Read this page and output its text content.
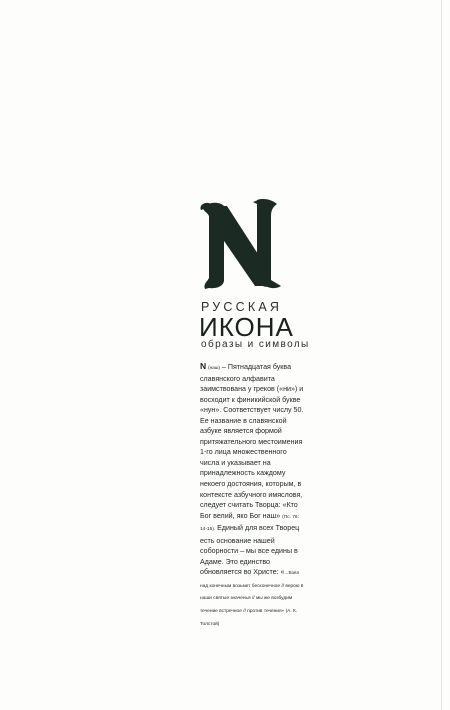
РУССКАЯ
ИКОНА
образы и символы
N (наш) – Пятнадцатая буква славянского алфавита заимствована у греков («ни») и восходит к финикийской букве «нун». Соответствует числу 50. Ее название в славянской азбуке является формой притяжательного местоимения 1-го лица множественного числа и указывает на принадлежность каждому некоего достояния, которым, в контексте азбучного имясловя, следует считать Творца: «Кто Бог велий, яко Бог наш» (Пс. 76: 14-15). Единый для всех Творец есть основание нашей соборности – мы все едины в Адаме. Это единство обновляется во Христе: «...Взял над конечным возьмет бесконечное // верою в наши святые значенья // мы же возбудим течение встречное // против течения» (А. К. Толстой)
